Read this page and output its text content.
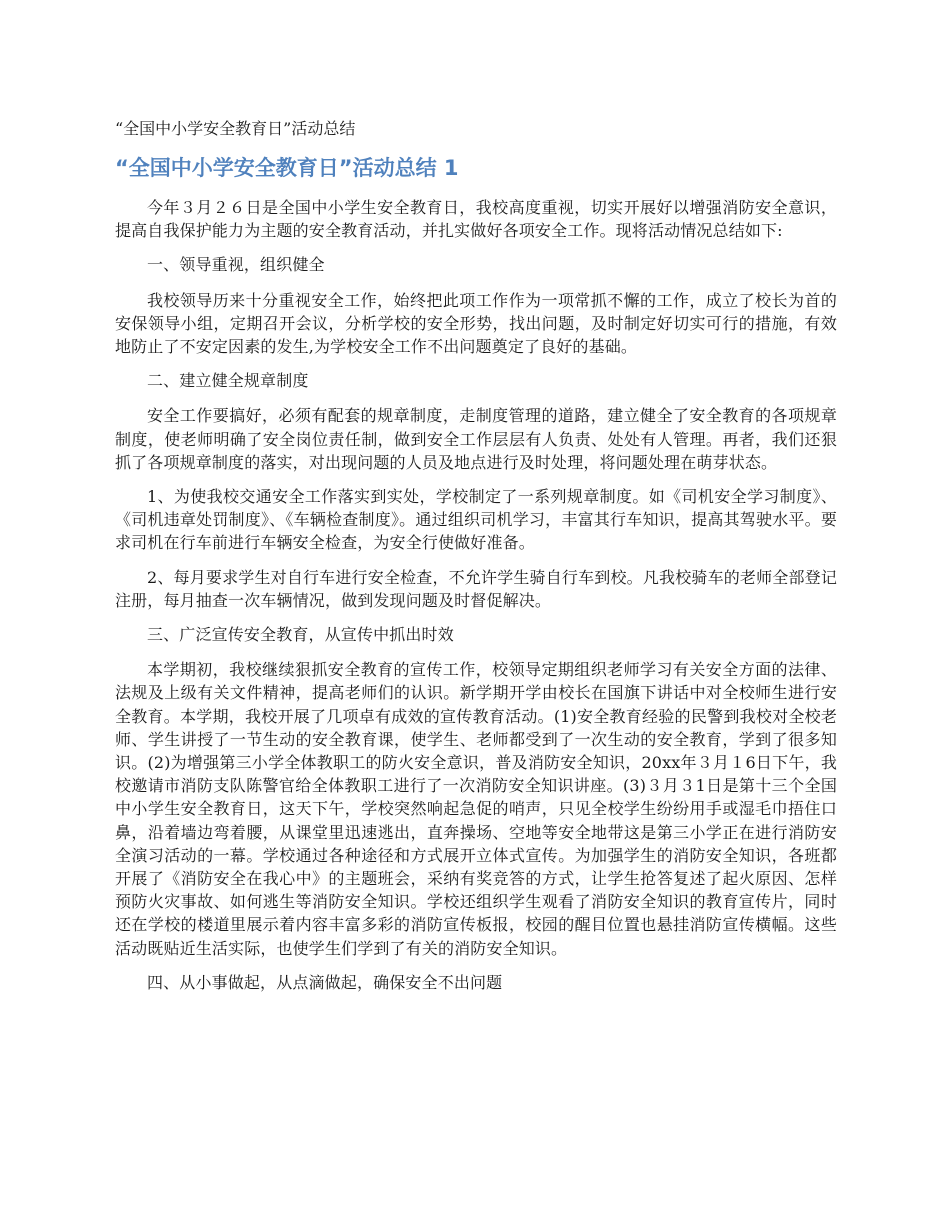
“全国中小学安全教育日”活动总结
“全国中小学安全教育日”活动总结 1

今年３月２６日是全国中小学生安全教育日，我校高度重视，切实开展好以增强消防安全意识，提高自我保护能力为主题的安全教育活动，并扎实做好各项安全工作。现将活动情况总结如下:

一、领导重视，组织健全

我校领导历来十分重视安全工作，始终把此项工作作为一项常抓不懈的工作，成立了校长为首的安保领导小组，定期召开会议，分析学校的安全形势，找出问题，及时制定好切实可行的措施，有效地防止了不安定因素的发生,为学校安全工作不出问题奠定了良好的基础。

二、建立健全规章制度

安全工作要搞好，必须有配套的规章制度，走制度管理的道路，建立健全了安全教育的各项规章制度，使老师明确了安全岗位责任制，做到安全工作层层有人负责、处处有人管理。再者，我们还狠抓了各项规章制度的落实，对出现问题的人员及地点进行及时处理，将问题处理在萌芽状态。

1、为使我校交通安全工作落实到实处，学校制定了一系列规章制度。如《司机安全学习制度》、《司机违章处罚制度》、《车辆检查制度》。通过组织司机学习，丰富其行车知识，提高其驾驶水平。要求司机在行车前进行车辆安全检查，为安全行使做好准备。

2、每月要求学生对自行车进行安全检查，不允许学生骑自行车到校。凡我校骑车的老师全部登记注册，每月抽查一次车辆情况，做到发现问题及时督促解决。

三、广泛宣传安全教育，从宣传中抓出时效

本学期初，我校继续狠抓安全教育的宣传工作，校领导定期组织老师学习有关安全方面的法律、法规及上级有关文件精神，提高老师们的认识。新学期开学由校长在国旗下讲话中对全校师生进行安全教育。本学期，我校开展了几项卓有成效的宣传教育活动。(1)安全教育经验的民警到我校对全校老师、学生讲授了一节生动的安全教育课，使学生、老师都受到了一次生动的安全教育，学到了很多知识。(2)为增强第三小学全体教职工的防火安全意识，普及消防安全知识，20xx年３月１6日下午，我校邀请市消防支队陈警官给全体教职工进行了一次消防安全知识讲座。(3)３月３1日是第十三个全国中小学生安全教育日，这天下午，学校突然响起急促的哨声，只见全校学生纷纷用手或湿毛巾捂住口鼻，沿着墙边弯着腰，从课堂里迅速逃出，直奔操场、空地等安全地带这是第三小学正在进行消防安全演习活动的一幕。学校通过各种途径和方式展开立体式宣传。为加强学生的消防安全知识，各班都开展了《消防安全在我心中》的主题班会，采纳有奖竞答的方式，让学生抢答复述了起火原因、怎样预防火灾事故、如何逃生等消防安全知识。学校还组织学生观看了消防安全知识的教育宣传片，同时还在学校的楼道里展示着内容丰富多彩的消防宣传板报，校园的醒目位置也悬挂消防宣传横幅。这些活动既贴近生活实际，也使学生们学到了有关的消防安全知识。

四、从小事做起，从点滴做起，确保安全不出问题
